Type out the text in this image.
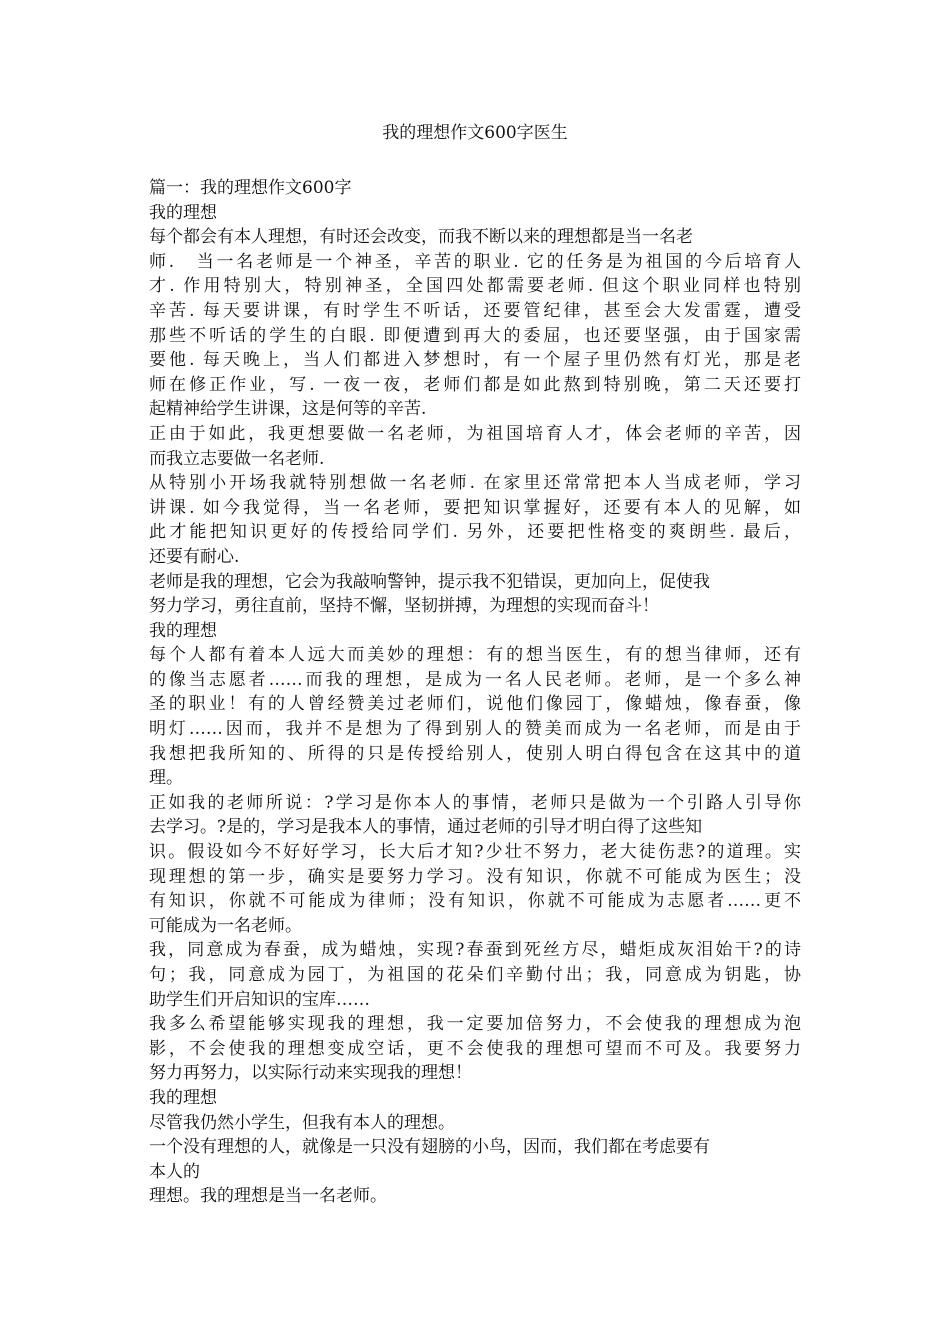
我的理想作文600字医生
篇一：我的理想作文600字
我的理想
每个都会有本人理想，有时还会改变，而我不断以来的理想都是当一名老
师.　当一名老师是一个神圣，辛苦的职业. 它的任务是为祖国的今后培育人
才. 作用特别大，特别神圣，全国四处都需要老师. 但这个职业同样也特别
辛苦. 每天要讲课，有时学生不听话，还要管纪律，甚至会大发雷霆，遭受
那些不听话的学生的白眼. 即便遭到再大的委屈，也还要坚强，由于国家需
要他. 每天晚上，当人们都进入梦想时，有一个屋子里仍然有灯光，那是老
师在修正作业，写. 一夜一夜，老师们都是如此熬到特别晚，第二天还要打
起精神给学生讲课，这是何等的辛苦.
正由于如此，我更想要做一名老师，为祖国培育人才，体会老师的辛苦，因
而我立志要做一名老师.
从特别小开场我就特别想做一名老师. 在家里还常常把本人当成老师，学习
讲课. 如今我觉得，当一名老师，要把知识掌握好，还要有本人的见解，如
此才能把知识更好的传授给同学们. 另外，还要把性格变的爽朗些. 最后，
还要有耐心.
老师是我的理想，它会为我敲响警钟，提示我不犯错误，更加向上，促使我
努力学习，勇往直前，坚持不懈，坚韧拼搏，为理想的实现而奋斗！
我的理想
每个人都有着本人远大而美妙的理想：有的想当医生，有的想当律师，还有
的像当志愿者……而我的理想，是成为一名人民老师。老师，是一个多么神
圣的职业！有的人曾经赞美过老师们，说他们像园丁，像蜡烛，像春蚕，像
明灯……因而，我并不是想为了得到别人的赞美而成为一名老师，而是由于
我想把我所知的、所得的只是传授给别人，使别人明白得包含在这其中的道
理。
正如我的老师所说：?学习是你本人的事情，老师只是做为一个引路人引导你
去学习。?是的，学习是我本人的事情，通过老师的引导才明白得了这些知
识。假设如今不好好学习，长大后才知?少壮不努力，老大徒伤悲?的道理。实
现理想的第一步，确实是要努力学习。没有知识，你就不可能成为医生；没
有知识，你就不可能成为律师；没有知识，你就不可能成为志愿者……更不
可能成为一名老师。
我，同意成为春蚕，成为蜡烛，实现?春蚕到死丝方尽，蜡炬成灰泪始干?的诗
句；我，同意成为园丁，为祖国的花朵们辛勤付出；我，同意成为钥匙，协
助学生们开启知识的宝库……
我多么希望能够实现我的理想，我一定要加倍努力，不会使我的理想成为泡
影，不会使我的理想变成空话，更不会使我的理想可望而不可及。我要努力
努力再努力，以实际行动来实现我的理想！
我的理想
尽管我仍然小学生，但我有本人的理想。
一个没有理想的人，就像是一只没有翅膀的小鸟，因而，我们都在考虑要有
本人的
理想。我的理想是当一名老师。
